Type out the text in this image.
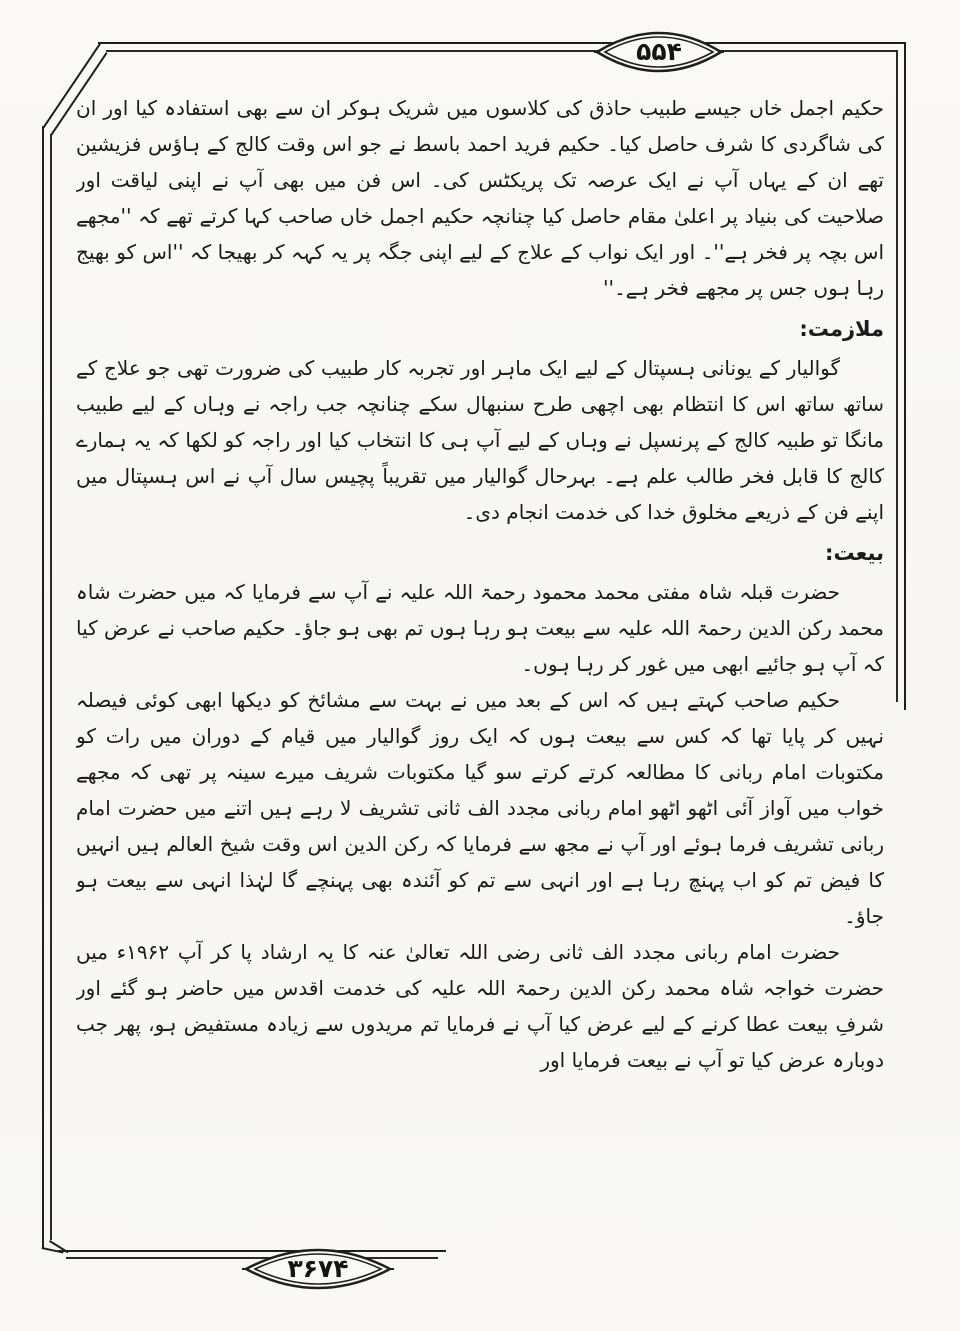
۵۵۴
۳۶۷۴

حکیم اجمل خاں جیسے طبیب حاذق کی کلاسوں میں شریک ہوکر ان سے بھی استفادہ کیا اور ان کی شاگردی کا شرف حاصل کیا۔ حکیم فرید احمد باسط نے جو اس وقت کالج کے ہاؤس فزیشین تھے ان کے یہاں آپ نے ایک عرصہ تک پریکٹس کی۔ اس فن میں بھی آپ نے اپنی لیاقت اور صلاحیت کی بنیاد پر اعلیٰ مقام حاصل کیا چنانچہ حکیم اجمل خاں صاحب کہا کرتے تھے کہ ''مجھے اس بچہ پر فخر ہے''۔ اور ایک نواب کے علاج کے لیے اپنی جگہ پر یہ کہہ کر بھیجا کہ ''اس کو بھیج رہا ہوں جس پر مجھے فخر ہے۔''

ملازمت:

گوالیار کے یونانی ہسپتال کے لیے ایک ماہر اور تجربہ کار طبیب کی ضرورت تھی جو علاج کے ساتھ ساتھ اس کا انتظام بھی اچھی طرح سنبھال سکے چنانچہ جب راجہ نے وہاں کے لیے طبیب مانگا تو طبیہ کالج کے پرنسپل نے وہاں کے لیے آپ ہی کا انتخاب کیا اور راجہ کو لکھا کہ یہ ہمارے کالج کا قابل فخر طالب علم ہے۔ بہرحال گوالیار میں تقریباً پچیس سال آپ نے اس ہسپتال میں اپنے فن کے ذریعے مخلوق خدا کی خدمت انجام دی۔

بیعت:

حضرت قبلہ شاہ مفتی محمد محمود رحمۃ اللہ علیہ نے آپ سے فرمایا کہ میں حضرت شاہ محمد رکن الدین رحمۃ اللہ علیہ سے بیعت ہو رہا ہوں تم بھی ہو جاؤ۔ حکیم صاحب نے عرض کیا کہ آپ ہو جائیے ابھی میں غور کر رہا ہوں۔

حکیم صاحب کہتے ہیں کہ اس کے بعد میں نے بہت سے مشائخ کو دیکھا ابھی کوئی فیصلہ نہیں کر پایا تھا کہ کس سے بیعت ہوں کہ ایک روز گوالیار میں قیام کے دوران میں رات کو مکتوبات امام ربانی کا مطالعہ کرتے کرتے سو گیا مکتوبات شریف میرے سینہ پر تھی کہ مجھے خواب میں آواز آئی اٹھو اٹھو امام ربانی مجدد الف ثانی تشریف لا رہے ہیں اتنے میں حضرت امام ربانی تشریف فرما ہوئے اور آپ نے مجھ سے فرمایا کہ رکن الدین اس وقت شیخ العالم ہیں انہیں کا فیض تم کو اب پہنچ رہا ہے اور انہی سے تم کو آئندہ بھی پہنچے گا لہٰذا انہی سے بیعت ہو جاؤ۔

حضرت امام ربانی مجدد الف ثانی رضی اللہ تعالیٰ عنہ کا یہ ارشاد پا کر آپ ۱۹۶۲ء میں حضرت خواجہ شاہ محمد رکن الدین رحمۃ اللہ علیہ کی خدمت اقدس میں حاضر ہو گئے اور شرفِ بیعت عطا کرنے کے لیے عرض کیا آپ نے فرمایا تم مریدوں سے زیادہ مستفیض ہو، پھر جب دوبارہ عرض کیا تو آپ نے بیعت فرمایا اور
